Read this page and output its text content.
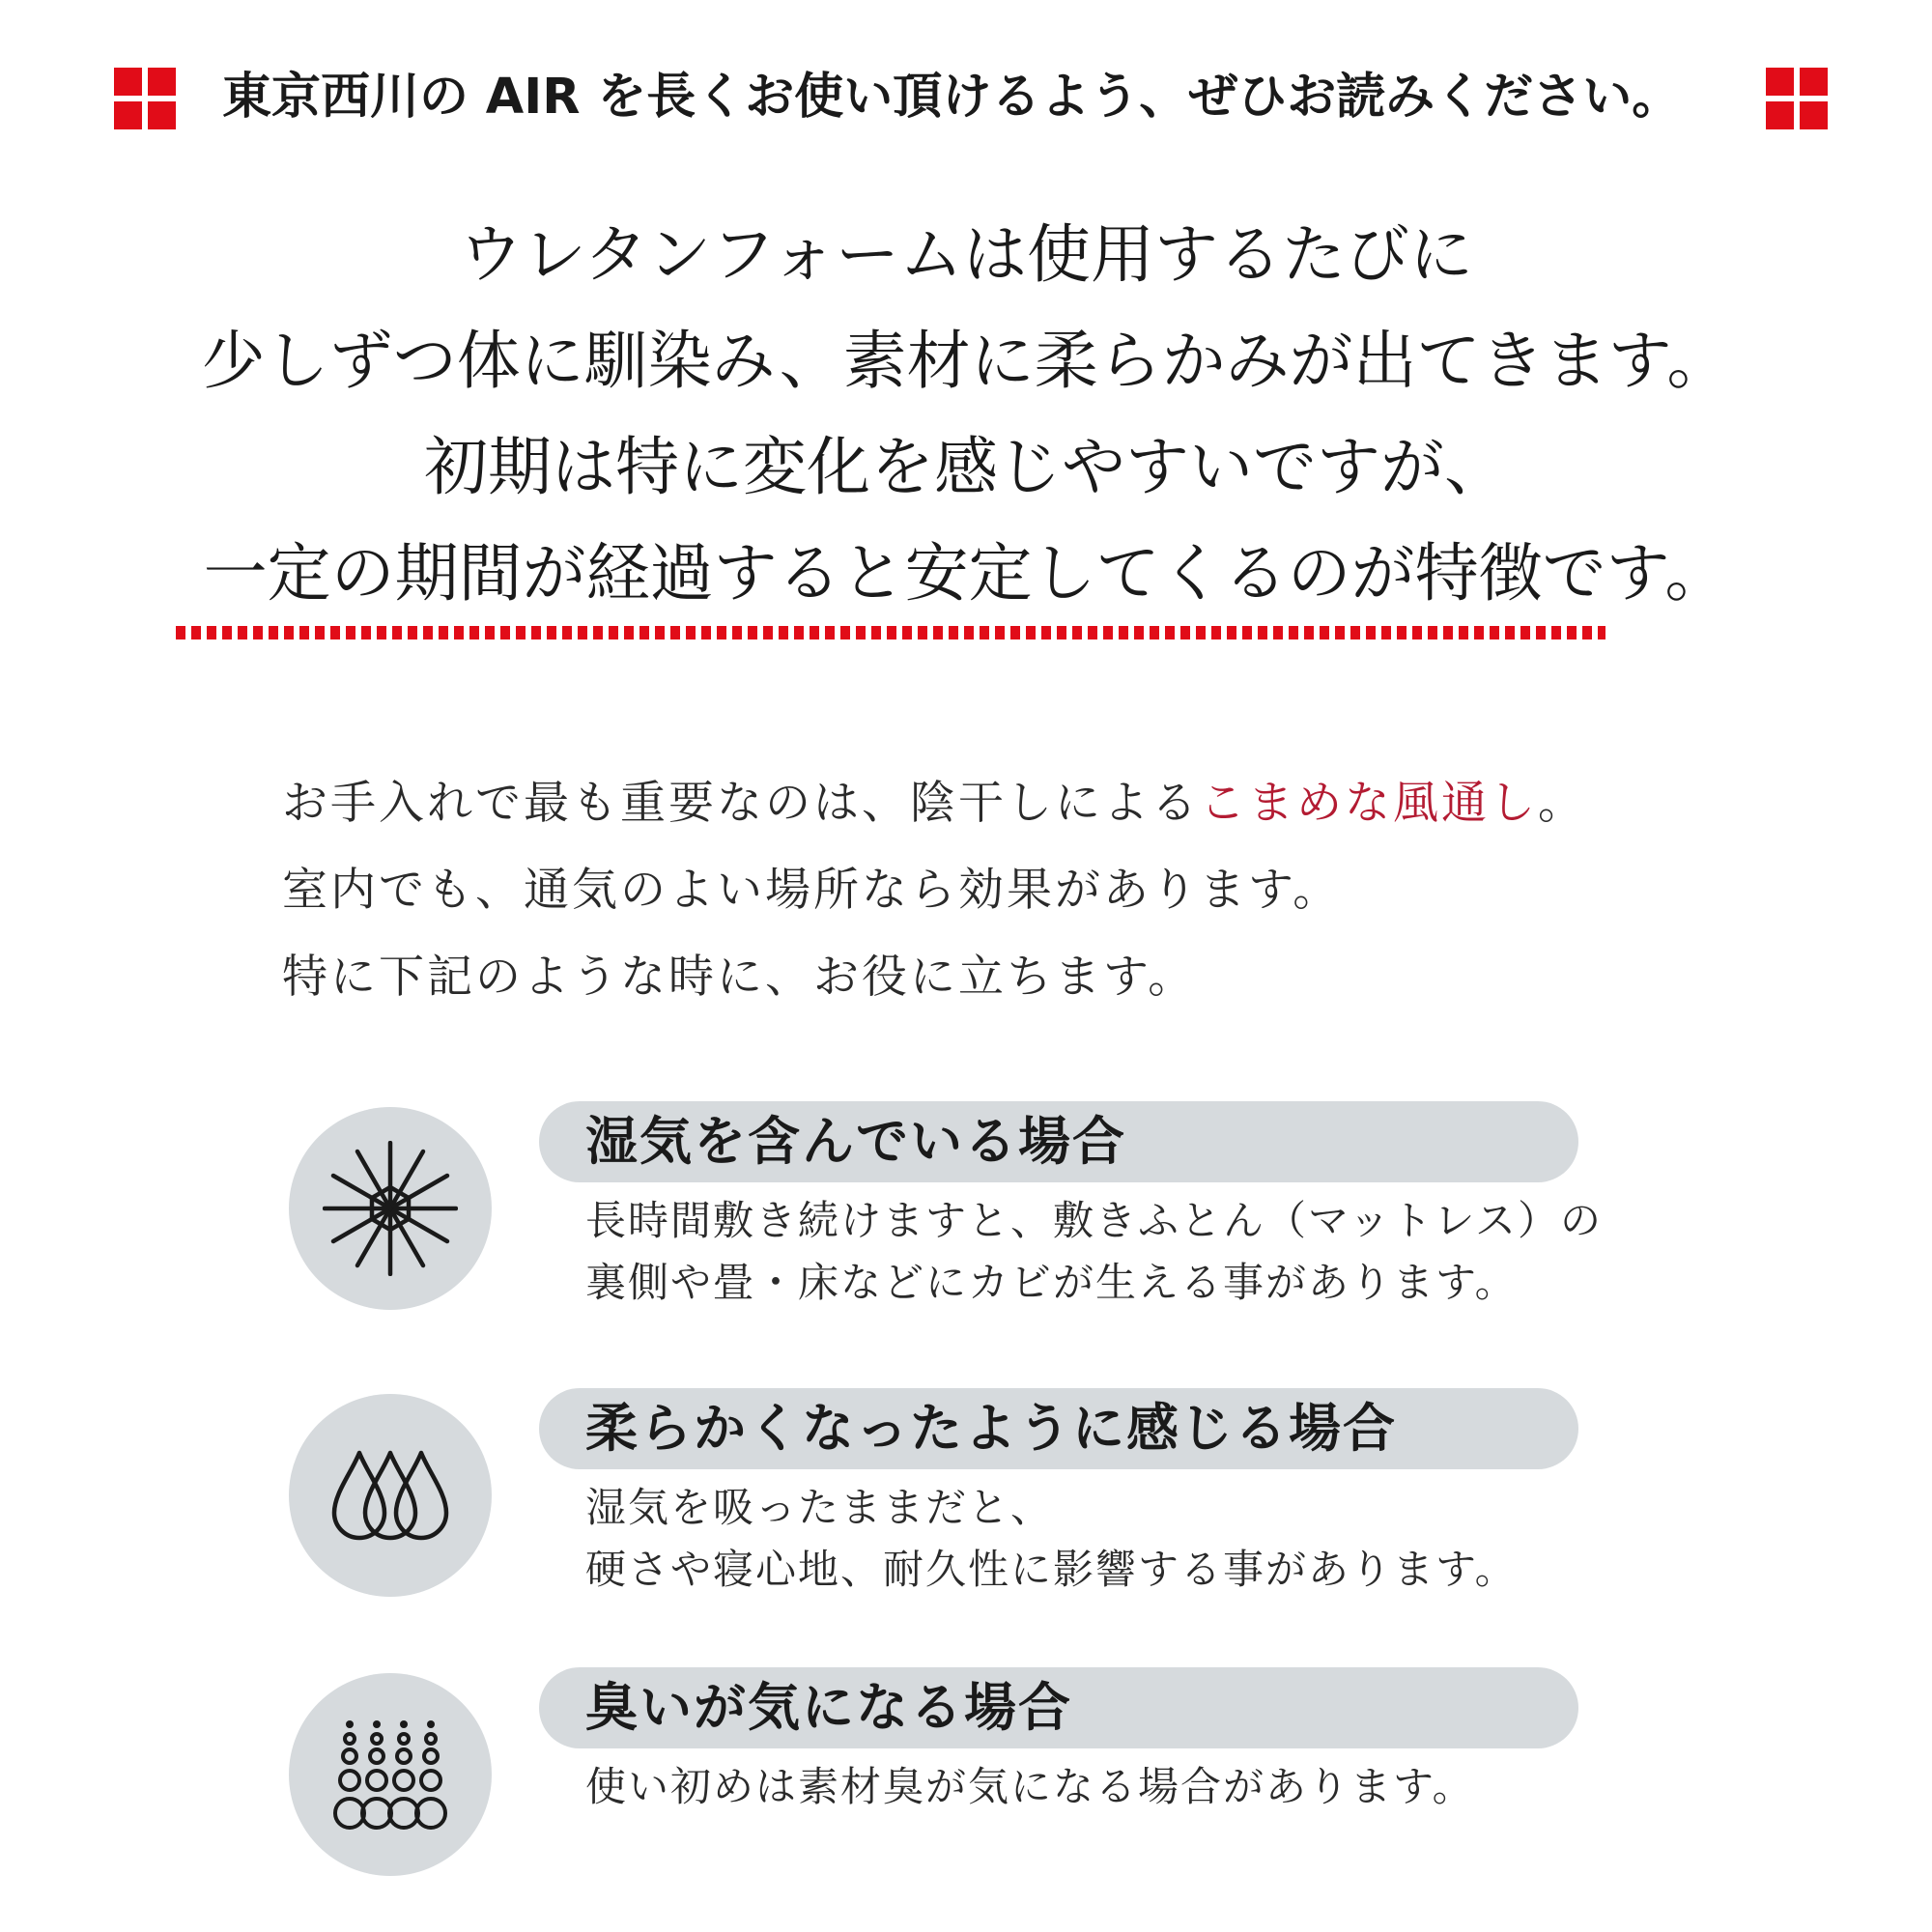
東京西川の AIR を長くお使い頂けるよう、ぜひお読みください。
ウレタンフォームは使用するたびに
少しずつ体に馴染み、素材に柔らかみが出てきます。
初期は特に変化を感じやすいですが、
一定の期間が経過すると安定してくるのが特徴です。
お手入れで最も重要なのは、陰干しによるこまめな風通し。
室内でも、通気のよい場所なら効果があります。
特に下記のような時に、お役に立ちます。
湿気を含んでいる場合
長時間敷き続けますと、敷きふとん（マットレス）の
裏側や畳・床などにカビが生える事があります。
柔らかくなったように感じる場合
湿気を吸ったままだと、
硬さや寝心地、耐久性に影響する事があります。
臭いが気になる場合
使い初めは素材臭が気になる場合があります。
